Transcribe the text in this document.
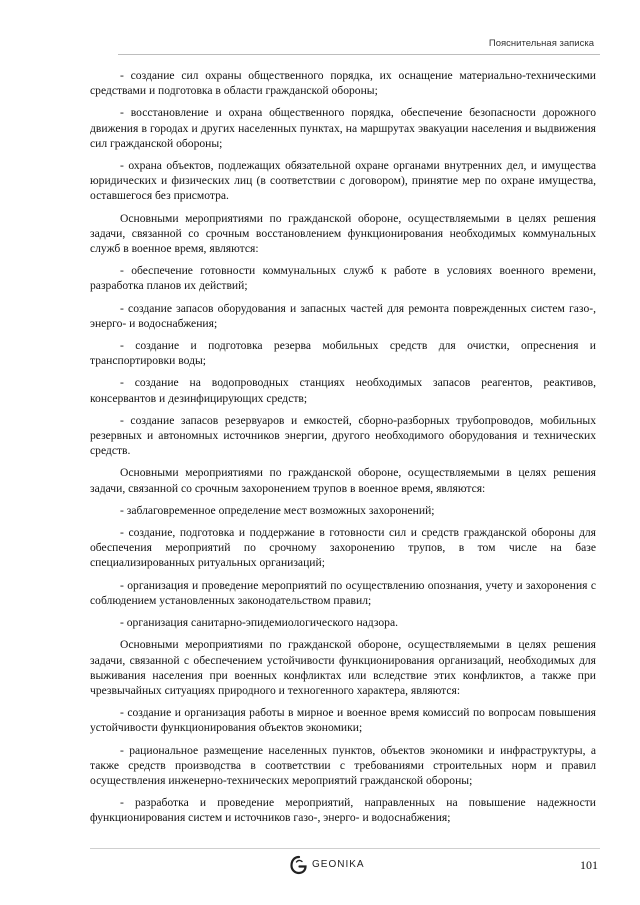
Пояснительная записка

- создание сил охраны общественного порядка, их оснащение материально-техническими средствами и подготовка в области гражданской обороны;

- восстановление и охрана общественного порядка, обеспечение безопасности дорожного движения в городах и других населенных пунктах, на маршрутах эвакуации населения и выдвижения сил гражданской обороны;

- охрана объектов, подлежащих обязательной охране органами внутренних дел, и имущества юридических и физических лиц (в соответствии с договором), принятие мер по охране имущества, оставшегося без присмотра.

Основными мероприятиями по гражданской обороне, осуществляемыми в целях решения задачи, связанной со срочным восстановлением функционирования необходимых коммунальных служб в военное время, являются:

- обеспечение готовности коммунальных служб к работе в условиях военного времени, разработка планов их действий;

- создание запасов оборудования и запасных частей для ремонта поврежденных систем газо-, энерго- и водоснабжения;

- создание и подготовка резерва мобильных средств для очистки, опреснения и транспортировки воды;

- создание на водопроводных станциях необходимых запасов реагентов, реактивов, консервантов и дезинфицирующих средств;

- создание запасов резервуаров и емкостей, сборно-разборных трубопроводов, мобильных резервных и автономных источников энергии, другого необходимого оборудования и технических средств.

Основными мероприятиями по гражданской обороне, осуществляемыми в целях решения задачи, связанной со срочным захоронением трупов в военное время, являются:

- заблаговременное определение мест возможных захоронений;

- создание, подготовка и поддержание в готовности сил и средств гражданской обороны для обеспечения мероприятий по срочному захоронению трупов, в том числе на базе специализированных ритуальных организаций;

- организация и проведение мероприятий по осуществлению опознания, учету и захоронения с соблюдением установленных законодательством правил;

- организация санитарно-эпидемиологического надзора.

Основными мероприятиями по гражданской обороне, осуществляемыми в целях решения задачи, связанной с обеспечением устойчивости функционирования организаций, необходимых для выживания населения при военных конфликтах или вследствие этих конфликтов, а также при чрезвычайных ситуациях природного и техногенного характера, являются:

- создание и организация работы в мирное и военное время комиссий по вопросам повышения устойчивости функционирования объектов экономики;

- рациональное размещение населенных пунктов, объектов экономики и инфраструктуры, а также средств производства в соответствии с требованиями строительных норм и правил осуществления инженерно-технических мероприятий гражданской обороны;

- разработка и проведение мероприятий, направленных на повышение надежности функционирования систем и источников газо-, энерго- и водоснабжения;

GEONIKA	101
